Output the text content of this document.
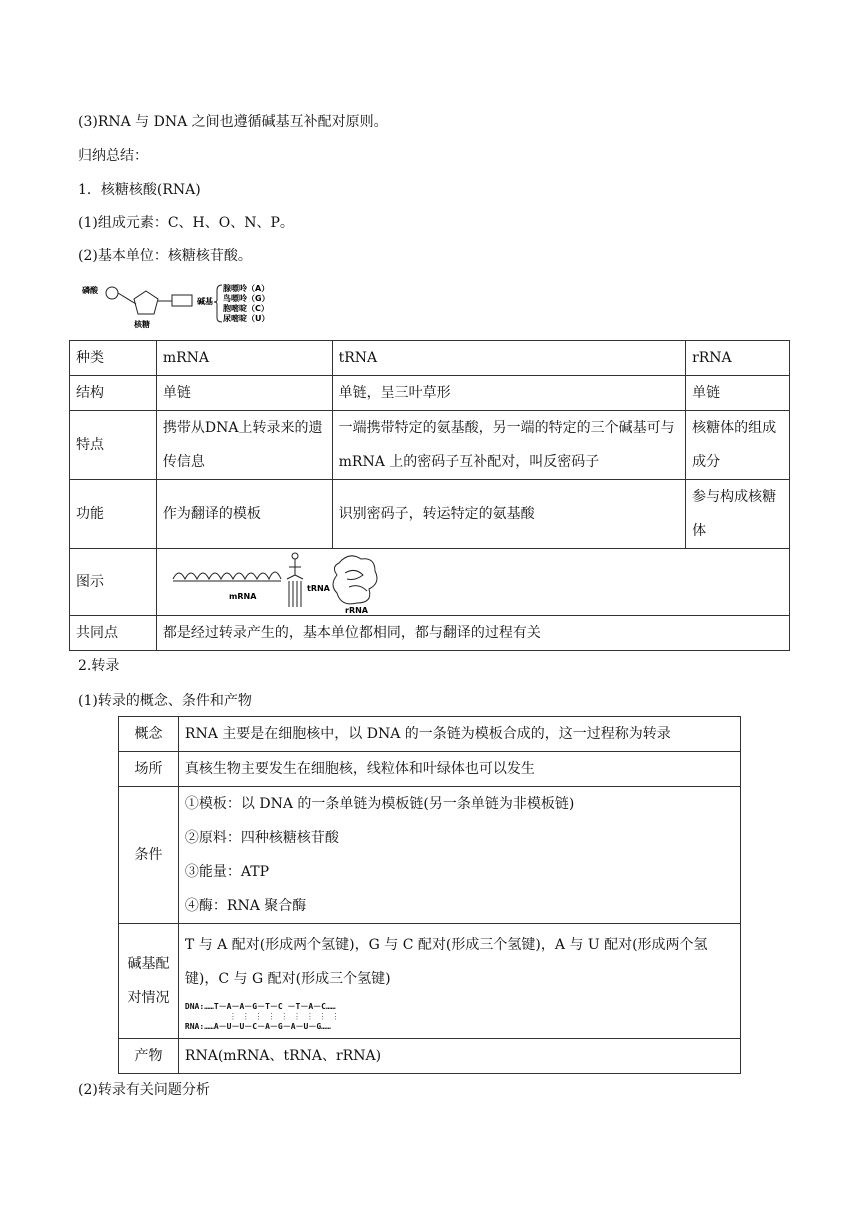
(3)RNA 与 DNA 之间也遵循碱基互补配对原则。
归纳总结：
1．核糖核酸(RNA)
(1)组成元素：C、H、O、N、P。
(2)基本单位：核糖核苷酸。
磷酸
核糖
碱基
腺嘌呤（A）
鸟嘌呤（G）
胞嘧啶（C）
尿嘧啶（U）
种类	mRNA	tRNA	rRNA
结构	单链	单链，呈三叶草形	单链
特点	携带从DNA上转录来的遗传信息	一端携带特定的氨基酸，另一端的特定的三个碱基可与 mRNA 上的密码子互补配对，叫反密码子	核糖体的组成成分
功能	作为翻译的模板	识别密码子，转运特定的氨基酸	参与构成核糖体
图示	mRNA
tRNA
rRNA		

共同点	都是经过转录产生的，基本单位都相同，都与翻译的过程有关		
2.转录
(1)转录的概念、条件和产物
概念	RNA 主要是在细胞核中，以 DNA 的一条链为模板合成的，这一过程称为转录
场所	真核生物主要发生在细胞核，线粒体和叶绿体也可以发生
条件	①模板：以 DNA 的一条单链为模板链(另一条单链为非模板链)
②原料：四种核糖核苷酸
③能量：ATP
④酶：RNA 聚合酶

碱基配对情况	T 与 A 配对(形成两个氢键)，G 与 C 配对(形成三个氢键)，A 与 U 配对(形成两个氢键)，C 与 G 配对(形成三个氢键)
DNA:……T－A－A－G－T－C －T－A－C……
⋮ ⋮ ⋮ ⋮ ⋮ ⋮ ⋮ ⋮ ⋮
RNA:……A－U－U－C－A－G－A－U－G……

产物	RNA(mRNA、tRNA、rRNA)
(2)转录有关问题分析
